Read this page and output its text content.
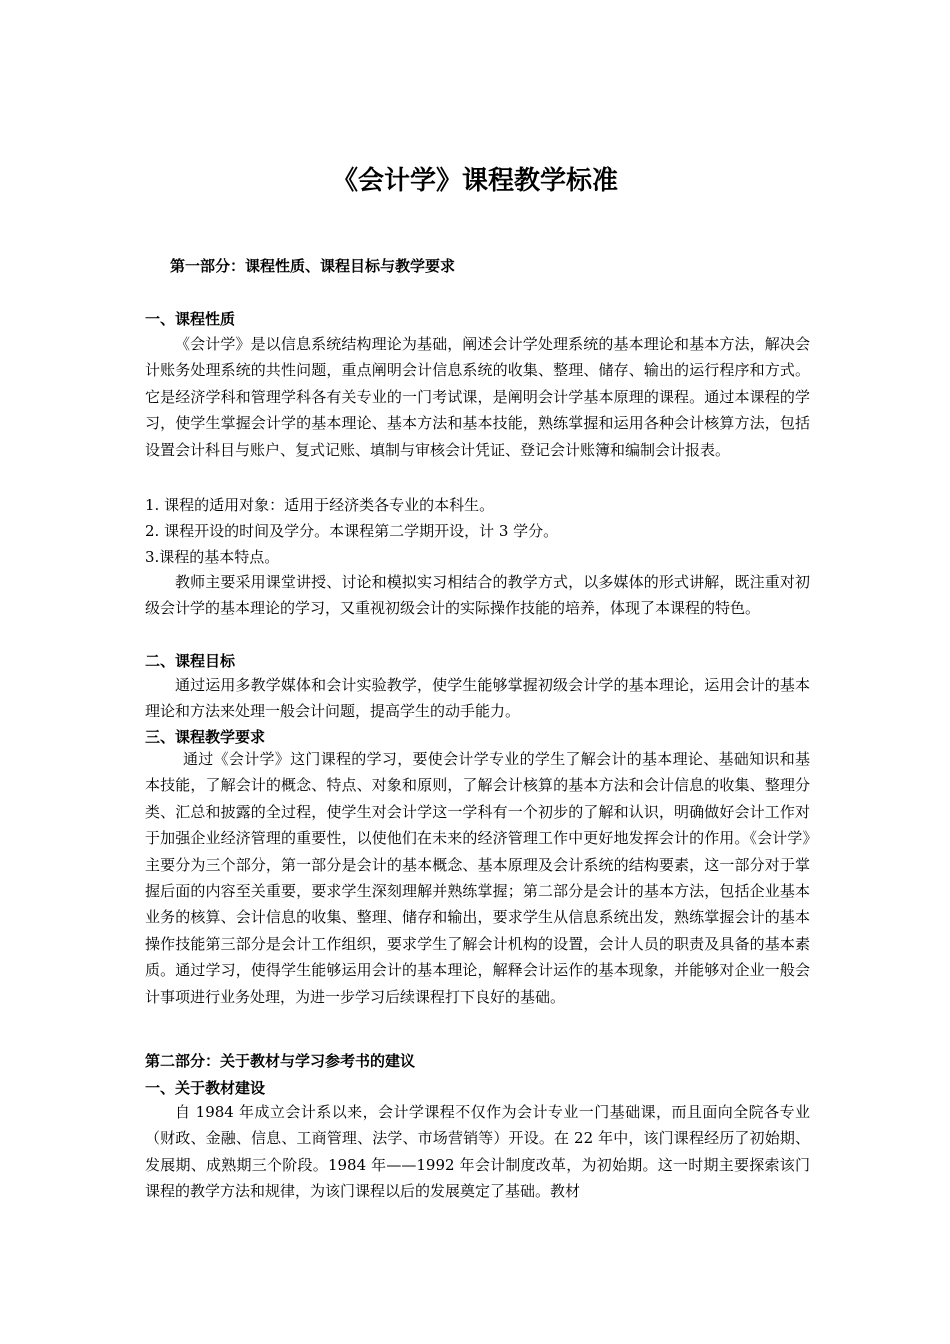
《会计学》课程教学标准
第一部分：课程性质、课程目标与教学要求
一、课程性质
《会计学》是以信息系统结构理论为基础，阐述会计学处理系统的基本理论和基本方法，解决会计账务处理系统的共性问题，重点阐明会计信息系统的收集、整理、储存、输出的运行程序和方式。它是经济学科和管理学科各有关专业的一门考试课，是阐明会计学基本原理的课程。通过本课程的学习，使学生掌握会计学的基本理论、基本方法和基本技能，熟练掌握和运用各种会计核算方法，包括设置会计科目与账户、复式记账、填制与审核会计凭证、登记会计账簿和编制会计报表。
1. 课程的适用对象：适用于经济类各专业的本科生。
2. 课程开设的时间及学分。本课程第二学期开设，计 3 学分。
3.课程的基本特点。
教师主要采用课堂讲授、讨论和模拟实习相结合的教学方式，以多媒体的形式讲解，既注重对初级会计学的基本理论的学习，又重视初级会计的实际操作技能的培养，体现了本课程的特色。
二、课程目标
通过运用多教学媒体和会计实验教学，使学生能够掌握初级会计学的基本理论，运用会计的基本理论和方法来处理一般会计问题，提高学生的动手能力。
三、课程教学要求
通过《会计学》这门课程的学习，要使会计学专业的学生了解会计的基本理论、基础知识和基本技能，了解会计的概念、特点、对象和原则，了解会计核算的基本方法和会计信息的收集、整理分类、汇总和披露的全过程，使学生对会计学这一学科有一个初步的了解和认识，明确做好会计工作对于加强企业经济管理的重要性，以使他们在未来的经济管理工作中更好地发挥会计的作用。《会计学》主要分为三个部分，第一部分是会计的基本概念、基本原理及会计系统的结构要素，这一部分对于掌握后面的内容至关重要，要求学生深刻理解并熟练掌握；第二部分是会计的基本方法，包括企业基本业务的核算、会计信息的收集、整理、储存和输出，要求学生从信息系统出发，熟练掌握会计的基本操作技能第三部分是会计工作组织，要求学生了解会计机构的设置，会计人员的职责及具备的基本素质。通过学习，使得学生能够运用会计的基本理论，解释会计运作的基本现象，并能够对企业一般会计事项进行业务处理，为进一步学习后续课程打下良好的基础。
第二部分：关于教材与学习参考书的建议
一、关于教材建设
自 1984 年成立会计系以来，会计学课程不仅作为会计专业一门基础课，而且面向全院各专业（财政、金融、信息、工商管理、法学、市场营销等）开设。在 22 年中，该门课程经历了初始期、发展期、成熟期三个阶段。1984 年——1992 年会计制度改革，为初始期。这一时期主要探索该门课程的教学方法和规律，为该门课程以后的发展奠定了基础。教材
